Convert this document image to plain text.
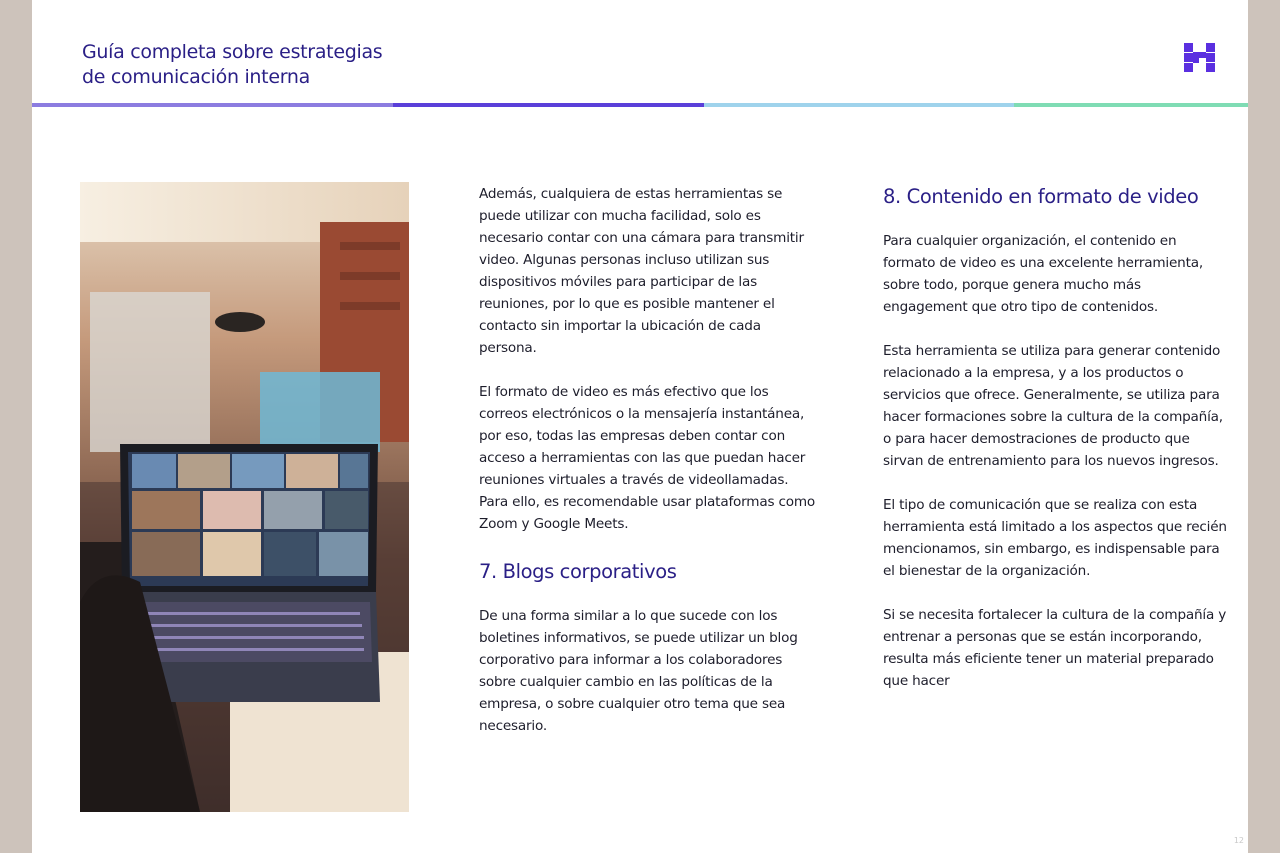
Guía completa sobre estrategias
de comunicación interna

Además, cualquiera de estas herramientas se puede utilizar con mucha facilidad, solo es necesario contar con una cámara para transmitir video. Algunas personas incluso utilizan sus dispositivos móviles para participar de las reuniones, por lo que es posible mantener el contacto sin importar la ubicación de cada persona.

El formato de video es más efectivo que los correos electrónicos o la mensajería instantánea, por eso, todas las empresas deben contar con acceso a herramientas con las que puedan hacer reuniones virtuales a través de videollamadas. Para ello, es recomendable usar plataformas como Zoom y Google Meets.

7. Blogs corporativos

De una forma similar a lo que sucede con los boletines informativos, se puede utilizar un blog corporativo para informar a los colaboradores sobre cualquier cambio en las políticas de la empresa, o sobre cualquier otro tema que sea necesario.

8. Contenido en formato de video

Para cualquier organización, el contenido en formato de video es una excelente herramienta, sobre todo, porque genera mucho más engagement que otro tipo de contenidos.

Esta herramienta se utiliza para generar contenido relacionado a la empresa, y a los productos o servicios que ofrece. Generalmente, se utiliza para hacer formaciones sobre la cultura de la compañía, o para hacer demostraciones de producto que sirvan de entrenamiento para los nuevos ingresos.

El tipo de comunicación que se realiza con esta herramienta está limitado a los aspectos que recién mencionamos, sin embargo, es indispensable para el bienestar de la organización.

Si se necesita fortalecer la cultura de la compañía y entrenar a personas que se están incorporando, resulta más eficiente tener un material preparado que hacer

12
